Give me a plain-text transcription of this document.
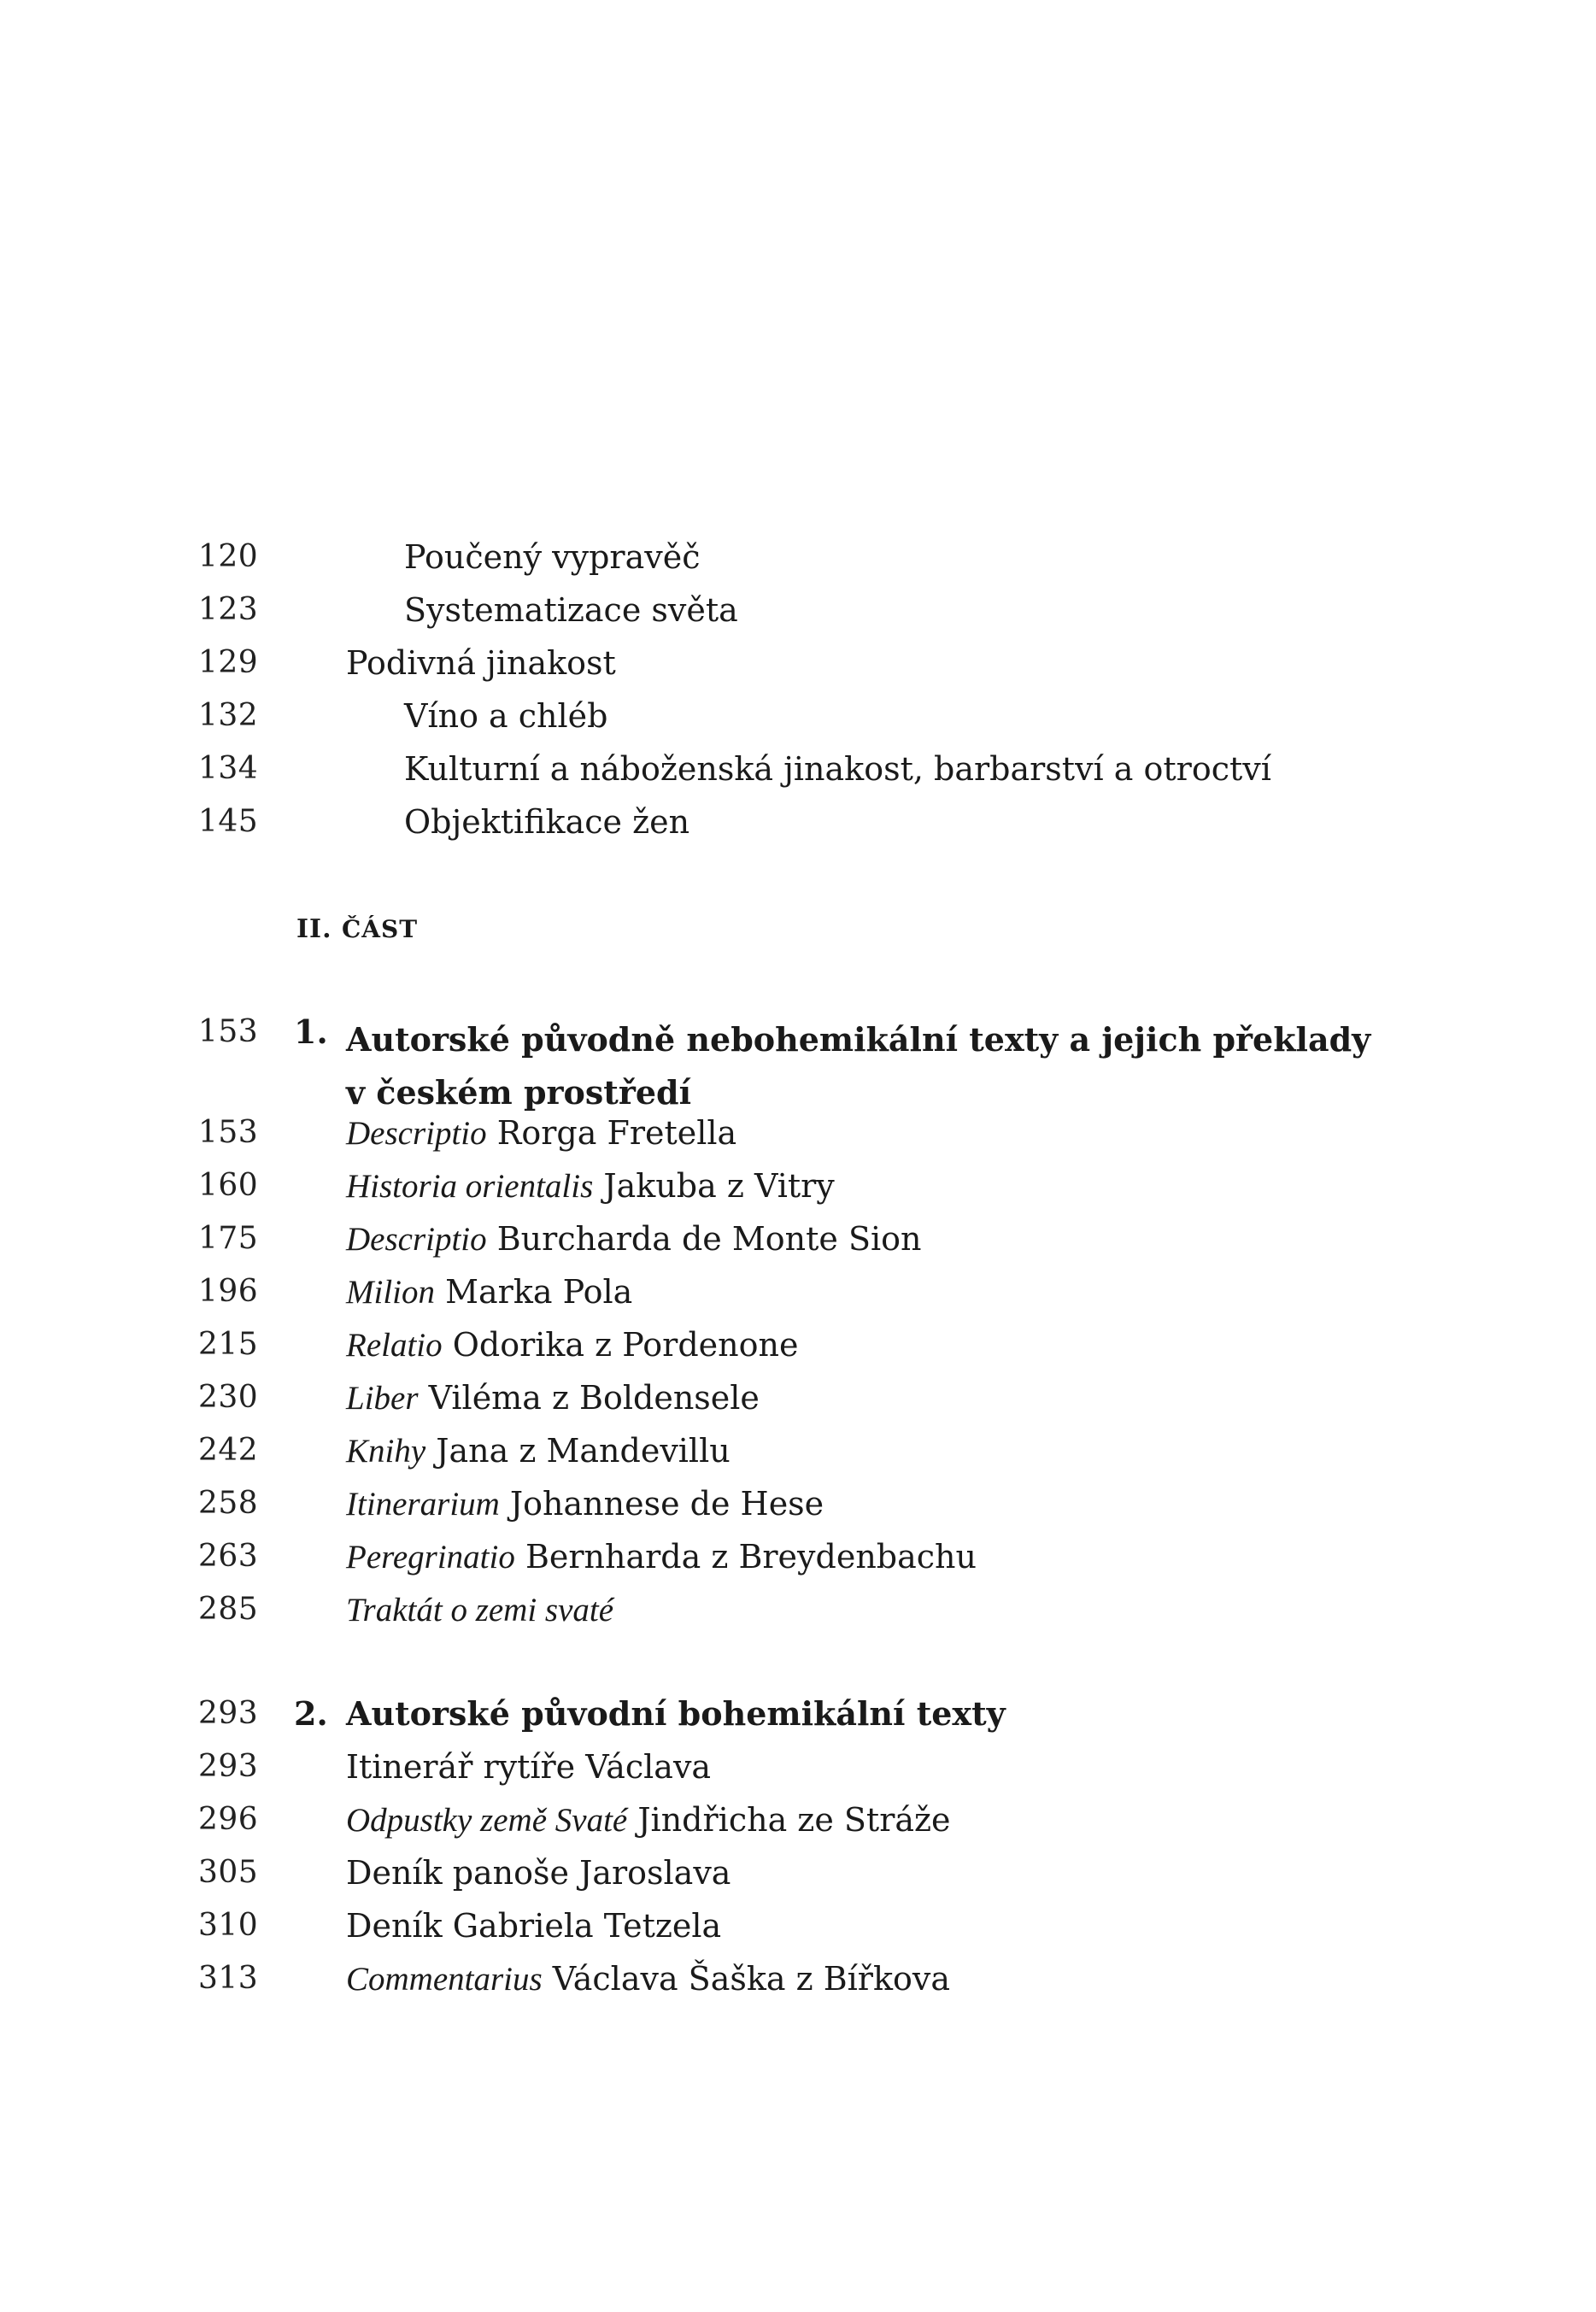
120	Poučený vypravěč
123	Systematizace světa
129	Podivná jinakost
132	Víno a chléb
134	Kulturní a náboženská jinakost, barbarství a otroctví
145	Objektifikace žen
II. ČÁST
153 1. Autorské původně nebohemikální texty a jejich překlady
v českém prostředí
153	Descriptio Rorga Fretella
160	Historia orientalis Jakuba z Vitry
175	Descriptio Burcharda de Monte Sion
196	Milion Marka Pola
215	Relatio Odorika z Pordenone
230	Liber Viléma z Boldensele
242	Knihy Jana z Mandevillu
258	Itinerarium Johannese de Hese
263	Peregrinatio Bernharda z Breydenbachu
285	Traktát o zemi svaté
293 2. Autorské původní bohemikální texty
293	Itinerář rytíře Václava
296	Odpustky země Svaté Jindřicha ze Stráže
305	Deník panoše Jaroslava
310	Deník Gabriela Tetzela
313	Commentarius Václava Šaška z Bířkova
